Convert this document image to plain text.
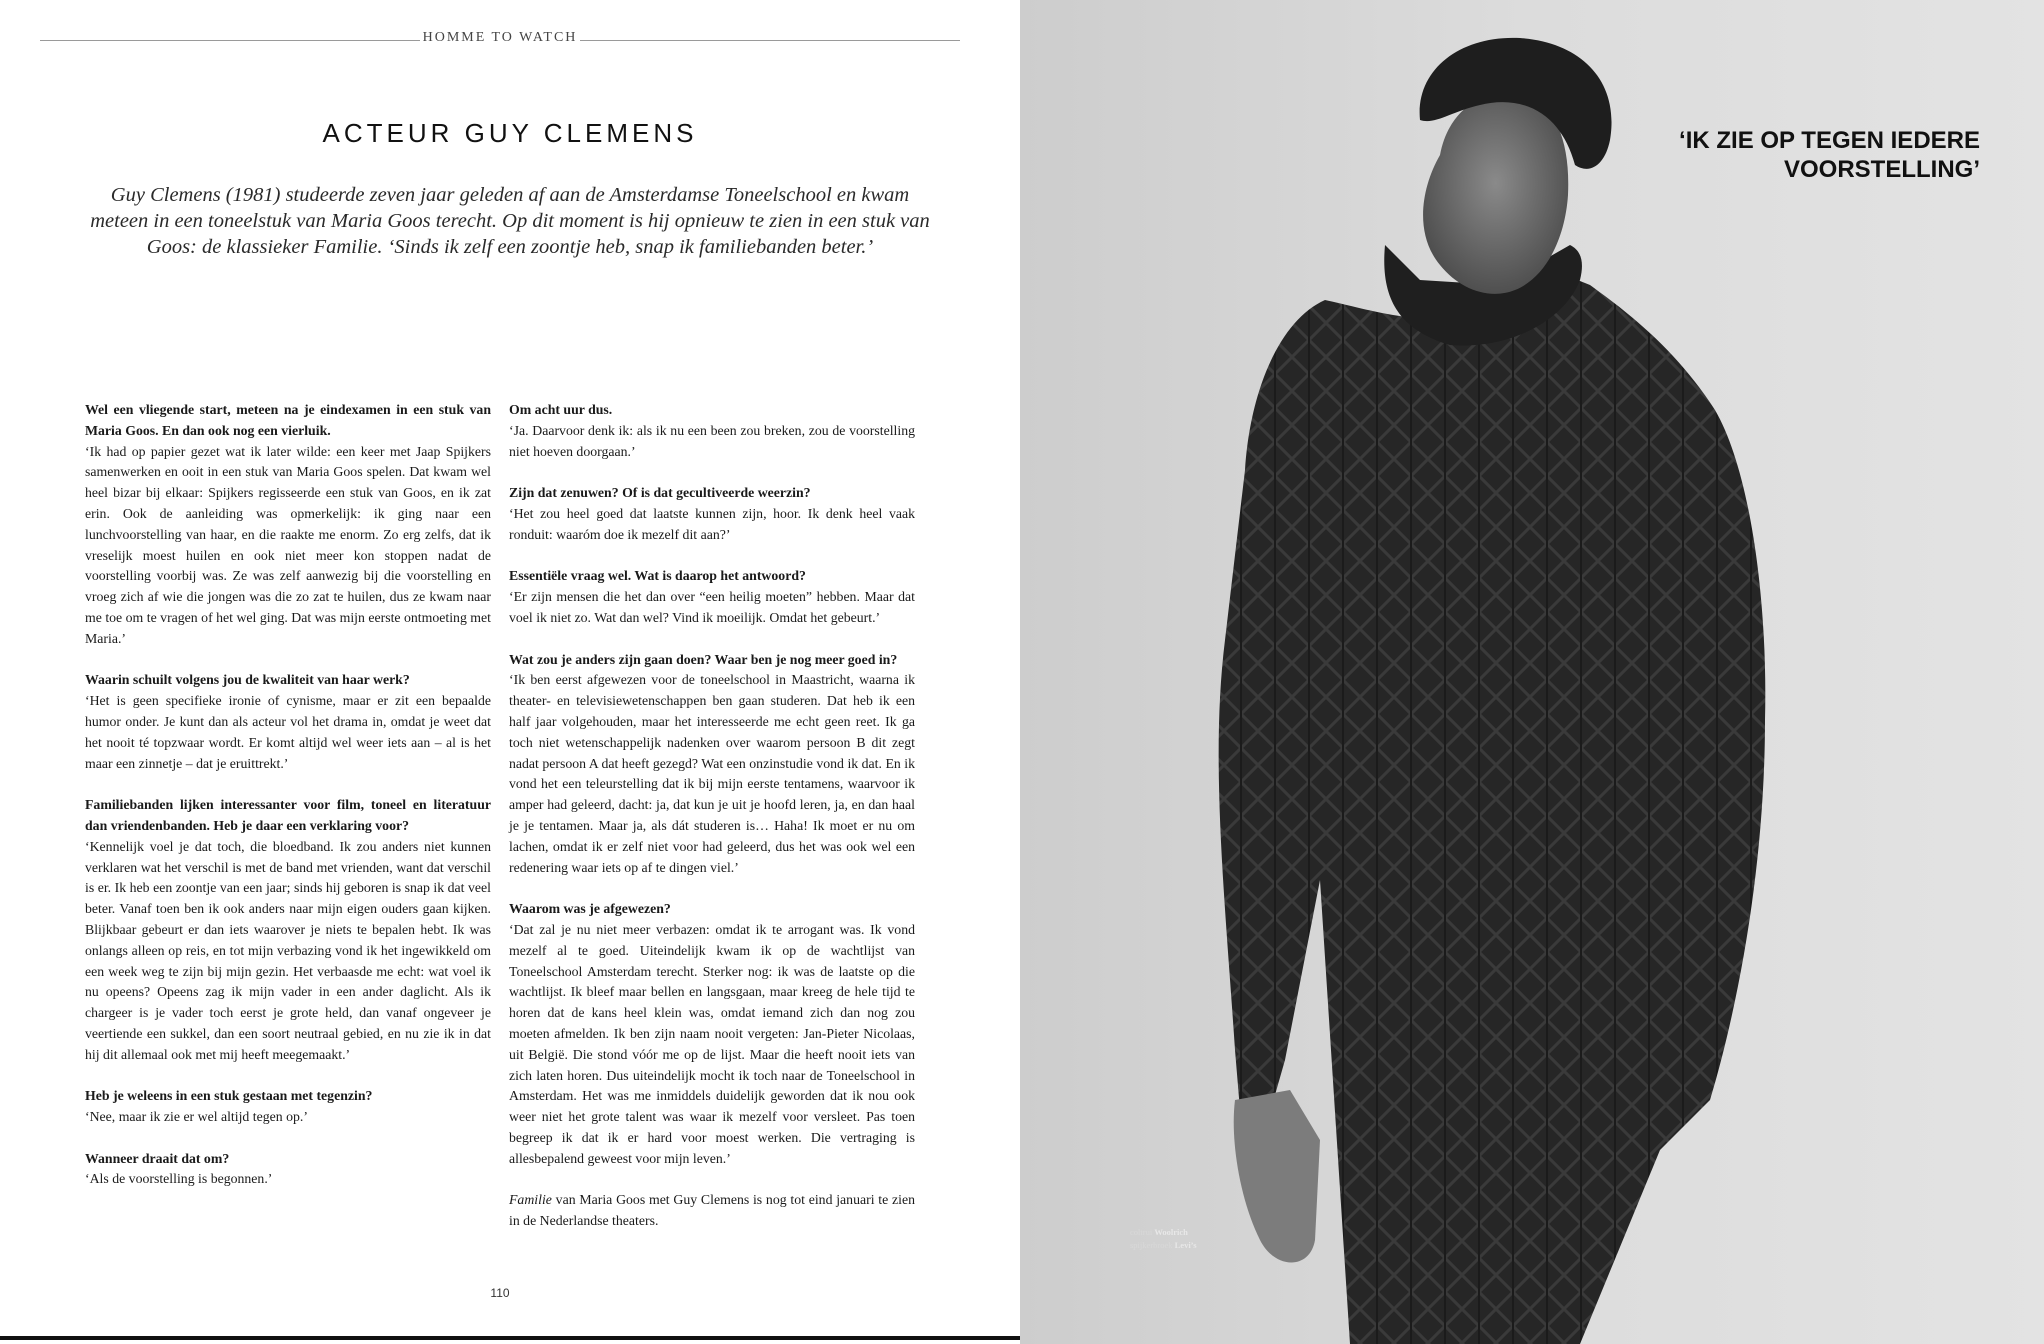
HOMME TO WATCH
ACTEUR GUY CLEMENS

Guy Clemens (1981) studeerde zeven jaar geleden af aan de Amsterdamse Toneelschool en kwam meteen in een toneelstuk van Maria Goos terecht. Op dit moment is hij opnieuw te zien in een stuk van Goos: de klassieker Familie. ‘Sinds ik zelf een zoontje heb, snap ik familiebanden beter.’

Wel een vliegende start, meteen na je eindexamen in een stuk van Maria Goos. En dan ook nog een vierluik.
‘Ik had op papier gezet wat ik later wilde: een keer met Jaap Spijkers samenwerken en ooit in een stuk van Maria Goos spelen. Dat kwam wel heel bizar bij elkaar: Spijkers regisseerde een stuk van Goos, en ik zat erin. Ook de aanleiding was opmerkelijk: ik ging naar een lunchvoorstelling van haar, en die raakte me enorm. Zo erg zelfs, dat ik vreselijk moest huilen en ook niet meer kon stoppen nadat de voorstelling voorbij was. Ze was zelf aanwezig bij die voorstelling en vroeg zich af wie die jongen was die zo zat te huilen, dus ze kwam naar me toe om te vragen of het wel ging. Dat was mijn eerste ontmoeting met Maria.’
Waarin schuilt volgens jou de kwaliteit van haar werk?
‘Het is geen specifieke ironie of cynisme, maar er zit een bepaalde humor onder. Je kunt dan als acteur vol het drama in, omdat je weet dat het nooit té topzwaar wordt. Er komt altijd wel weer iets aan – al is het maar een zinnetje – dat je eruittrekt.’
Familiebanden lijken interessanter voor film, toneel en literatuur dan vriendenbanden. Heb je daar een verklaring voor?
‘Kennelijk voel je dat toch, die bloedband. Ik zou anders niet kunnen verklaren wat het verschil is met de band met vrienden, want dat verschil is er. Ik heb een zoontje van een jaar; sinds hij geboren is snap ik dat veel beter. Vanaf toen ben ik ook anders naar mijn eigen ouders gaan kijken. Blijkbaar gebeurt er dan iets waarover je niets te bepalen hebt. Ik was onlangs alleen op reis, en tot mijn verbazing vond ik het ingewikkeld om een week weg te zijn bij mijn gezin. Het verbaasde me echt: wat voel ik nu opeens? Opeens zag ik mijn vader in een ander daglicht. Als ik chargeer is je vader toch eerst je grote held, dan vanaf ongeveer je veertiende een sukkel, dan een soort neutraal gebied, en nu zie ik in dat hij dit allemaal ook met mij heeft meegemaakt.’
Heb je weleens in een stuk gestaan met tegenzin?
‘Nee, maar ik zie er wel altijd tegen op.’
Wanneer draait dat om?
‘Als de voorstelling is begonnen.’
Om acht uur dus.
‘Ja. Daarvoor denk ik: als ik nu een been zou breken, zou de voorstelling niet hoeven doorgaan.’
Zijn dat zenuwen? Of is dat gecultiveerde weerzin?
‘Het zou heel goed dat laatste kunnen zijn, hoor. Ik denk heel vaak ronduit: waaróm doe ik mezelf dit aan?’
Essentiële vraag wel. Wat is daarop het antwoord?
‘Er zijn mensen die het dan over “een heilig moeten” hebben. Maar dat voel ik niet zo. Wat dan wel? Vind ik moeilijk. Omdat het gebeurt.’
Wat zou je anders zijn gaan doen? Waar ben je nog meer goed in?
‘Ik ben eerst afgewezen voor de toneelschool in Maastricht, waarna ik theater- en televisiewetenschappen ben gaan studeren. Dat heb ik een half jaar volgehouden, maar het interesseerde me echt geen reet. Ik ga toch niet wetenschappelijk nadenken over waarom persoon B dit zegt nadat persoon A dat heeft gezegd? Wat een onzinstudie vond ik dat. En ik vond het een teleurstelling dat ik bij mijn eerste tentamens, waarvoor ik amper had geleerd, dacht: ja, dat kun je uit je hoofd leren, ja, en dan haal je je tentamen. Maar ja, als dát studeren is… Haha! Ik moet er nu om lachen, omdat ik er zelf niet voor had geleerd, dus het was ook wel een redenering waar iets op af te dingen viel.’
Waarom was je afgewezen?
‘Dat zal je nu niet meer verbazen: omdat ik te arrogant was. Ik vond mezelf al te goed. Uiteindelijk kwam ik op de wachtlijst van Toneelschool Amsterdam terecht. Sterker nog: ik was de laatste op die wachtlijst. Ik bleef maar bellen en langsgaan, maar kreeg de hele tijd te horen dat de kans heel klein was, omdat iemand zich dan nog zou moeten afmelden. Ik ben zijn naam nooit vergeten: Jan-Pieter Nicolaas, uit België. Die stond vóór me op de lijst. Maar die heeft nooit iets van zich laten horen. Dus uiteindelijk mocht ik toch naar de Toneelschool in Amsterdam. Het was me inmiddels duidelijk geworden dat ik nou ook weer niet het grote talent was waar ik mezelf voor versleet. Pas toen begreep ik dat ik er hard voor moest werken. Die vertraging is allesbepalend geweest voor mijn leven.’

Familie van Maria Goos met Guy Clemens is nog tot eind januari te zien in de Nederlandse theaters.

110
‘IK ZIE OP TEGEN IEDERE VOORSTELLING’
coltrui Woolrich
spijkerbroek Levi’s
